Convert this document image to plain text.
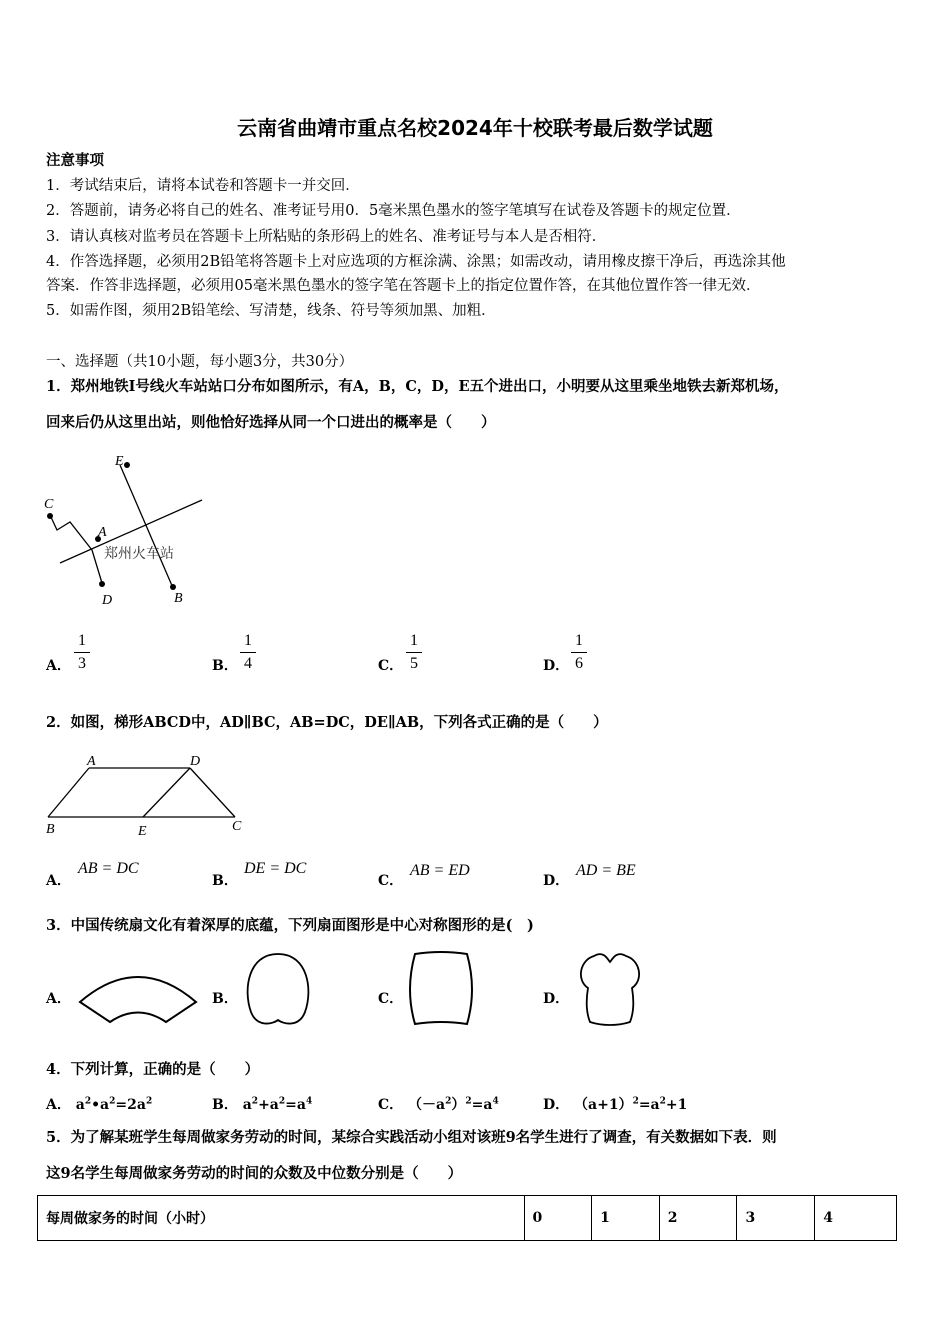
云南省曲靖市重点名校2024年十校联考最后数学试题
注意事项
1．考试结束后，请将本试卷和答题卡一并交回．
2．答题前，请务必将自己的姓名、准考证号用0．5毫米黑色墨水的签字笔填写在试卷及答题卡的规定位置．
3．请认真核对监考员在答题卡上所粘贴的条形码上的姓名、准考证号与本人是否相符．
4．作答选择题，必须用2B铅笔将答题卡上对应选项的方框涂满、涂黑；如需改动，请用橡皮擦干净后，再选涂其他
答案．作答非选择题，必须用05毫米黑色墨水的签字笔在答题卡上的指定位置作答，在其他位置作答一律无效．
5．如需作图，须用2B铅笔绘、写清楚，线条、符号等须加黑、加粗．
一、选择题（共10小题，每小题3分，共30分）
1．郑州地铁Ⅰ号线火车站站口分布如图所示，有A，B，C，D，E五个进出口，小明要从这里乘坐地铁去新郑机场，
回来后仍从这里出站，则他恰好选择从同一个口进出的概率是（　　）
E
C
A
D	B
郑州火车站
A．
1
3	B．
1
4	C．
1
5	D．
1
6
2．如图，梯形ABCD中，AD∥BC，AB=DC，DE∥AB，下列各式正确的是（　　）
A	D
B	E	C
A．
AB = DC
B．
DE = DC
C．
AB = ED
D．
AD = BE
3．中国传统扇文化有着深厚的底蕴，下列扇面图形是中心对称图形的是(　)
A．	B．	C．	D．
4．下列计算，正确的是（　　）
A． $a^2•a^2=2a^2$	B． $a^2+a^2=a^4$	C． $(-a^2)^2=a^4$	D． $(a+1)^2=a^2+1$
5．为了解某班学生每周做家务劳动的时间，某综合实践活动小组对该班9名学生进行了调查，有关数据如下表．则
这9名学生每周做家务劳动的时间的众数及中位数分别是（　　）
每周做家务的时间（小时）	0	1	2	3	4
